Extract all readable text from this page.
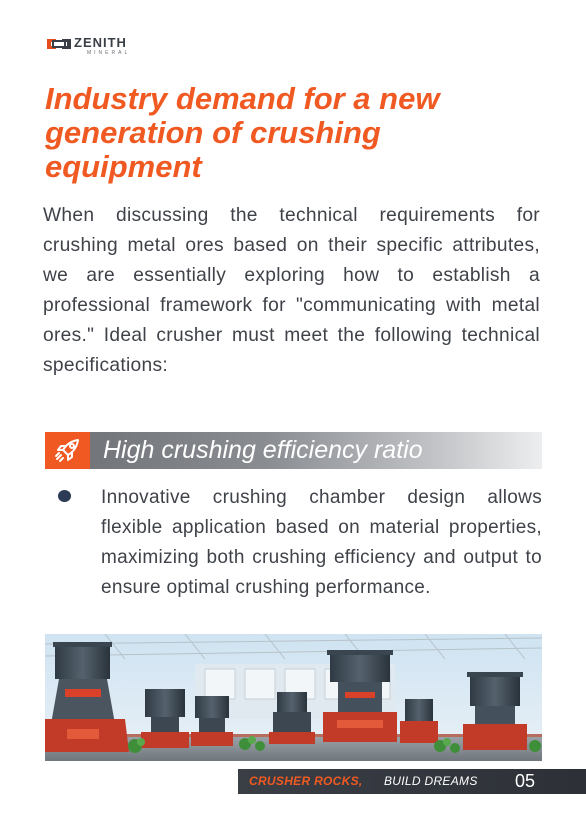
ZENITH
MINERAL
Industry demand for a new generation of crushing equipment

When discussing the technical requirements for crushing metal ores based on their specific attributes, we are essentially exploring how to establish a professional framework for "communicating with metal ores." Ideal crusher must meet the following technical specifications:

High crushing efficiency ratio

Innovative crushing chamber design allows flexible application based on material properties, maximizing both crushing efficiency and output to ensure optimal crushing performance.

CRUSHER ROCKS, BUILD DREAMS 05
